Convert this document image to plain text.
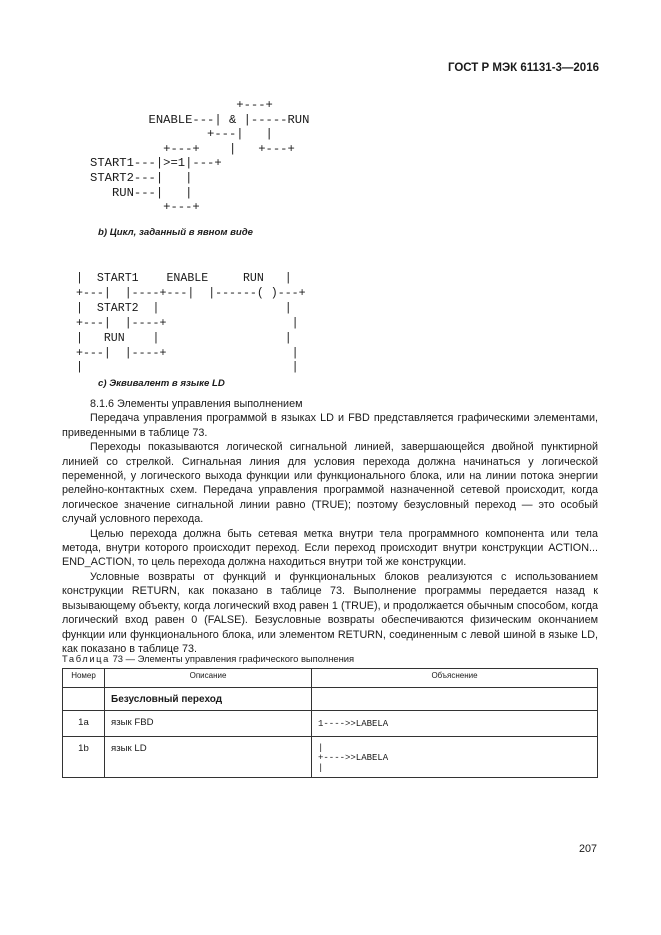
ГОСТ Р МЭК 61131-3—2016
+---+
ENABLE---| & |-----RUN
+---|   |
+---+    |   +---+
START1---|>=1|---+
START2---|   |
RUN---|   |
+---+
b) Цикл, заданный в явном виде
|  START1    ENABLE     RUN   |
+---|  |----+---|  |------( )---+
|  START2  |                  |
+---|  |----+                  |
|   RUN    |                  |
+---|  |----+                  |
|                              |
c) Эквивалент в языке LD

8.1.6 Элементы управления выполнением

Передача управления программой в языках LD и FBD представляется графическими элементами, приведенными в таблице 73.

Переходы показываются логической сигнальной линией, завершающейся двойной пунктирной линией со стрелкой. Сигнальная линия для условия перехода должна начинаться у логической переменной, у логического выхода функции или функционального блока, или на линии потока энергии релейно-контактных схем. Передача управления программой назначенной сетевой происходит, когда логическое значение сигнальной линии равно (TRUE); поэтому безусловный переход — это особый случай условного перехода.

Целью перехода должна быть сетевая метка внутри тела программного компонента или тела метода, внутри которого происходит переход. Если переход происходит внутри конструкции ACTION... END_ACTION, то цель перехода должна находиться внутри той же конструкции.

Условные возвраты от функций и функциональных блоков реализуются с использованием конструкции RETURN, как показано в таблице 73. Выполнение программы передается назад к вызывающему объекту, когда логический вход равен 1 (TRUE), и продолжается обычным способом, когда логический вход равен 0 (FALSE). Безусловные возвраты обеспечиваются физическим окончанием функции или функционального блока, или элементом RETURN, соединенным с левой шиной в языке LD, как показано в таблице 73.

Таблица 73 — Элементы управления графического выполнения
Номер	Описание	Объяснение
	Безусловный переход	
1a	язык FBD	1---->>LABELA
1b	язык LD	|
+---->>LABELA
|
207
